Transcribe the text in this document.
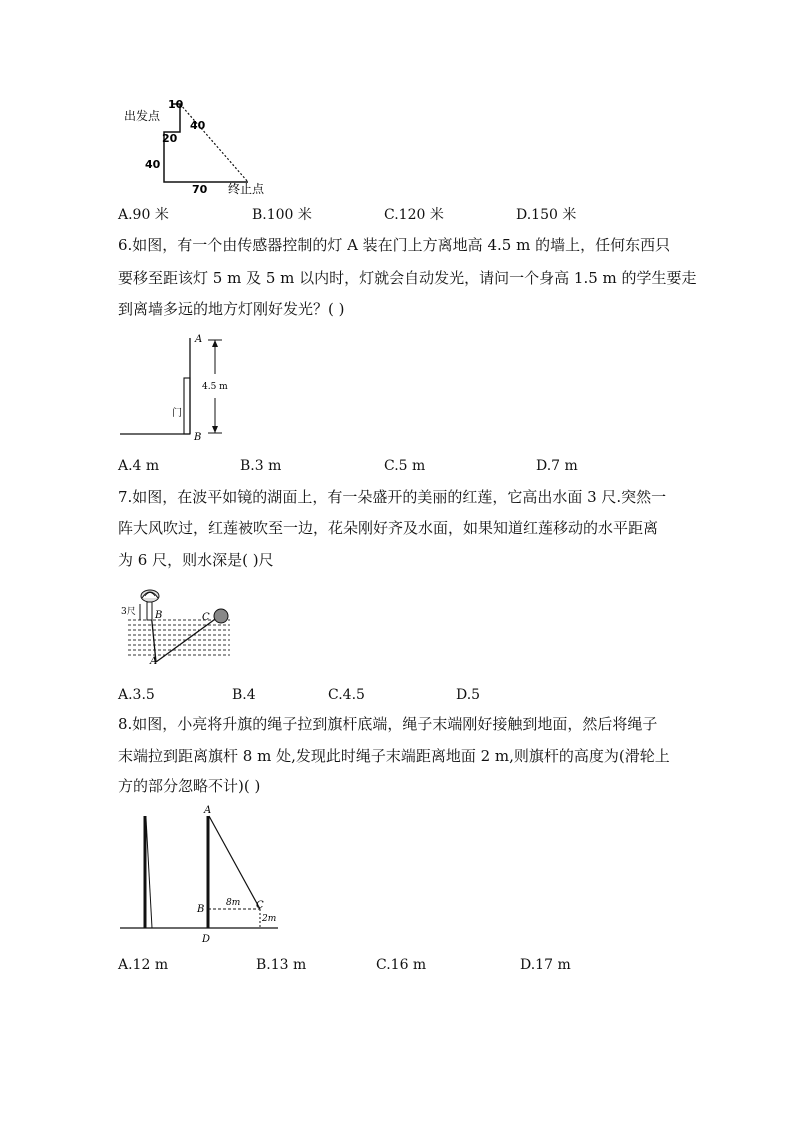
出发点
10
40
20
40
70 终止点
A.90 米	B.100 米	C.120 米	D.150 米
6.如图，有一个由传感器控制的灯 A 装在门上方离地高 4.5 m 的墙上，任何东西只
要移至距该灯 5 m 及 5 m 以内时，灯就会自动发光，请问一个身高 1.5 m 的学生要走
到离墙多远的地方灯刚好发光？( )
A
B
门
4.5 m
A.4 m	B.3 m	C.5 m	D.7 m
7.如图，在波平如镜的湖面上，有一朵盛开的美丽的红莲，它高出水面 3 尺.突然一
阵大风吹过，红莲被吹至一边，花朵刚好齐及水面，如果知道红莲移动的水平距离
为 6 尺，则水深是( )尺
3尺 B	C
A
A.3.5	B.4	C.4.5	D.5
8.如图，小亮将升旗的绳子拉到旗杆底端，绳子末端刚好接触到地面，然后将绳子
末端拉到距离旗杆 8 m 处,发现此时绳子末端距离地面 2 m,则旗杆的高度为(滑轮上
方的部分忽略不计)( )
A
B	C
D
8m
2m
A.12 m	B.13 m	C.16 m	D.17 m
